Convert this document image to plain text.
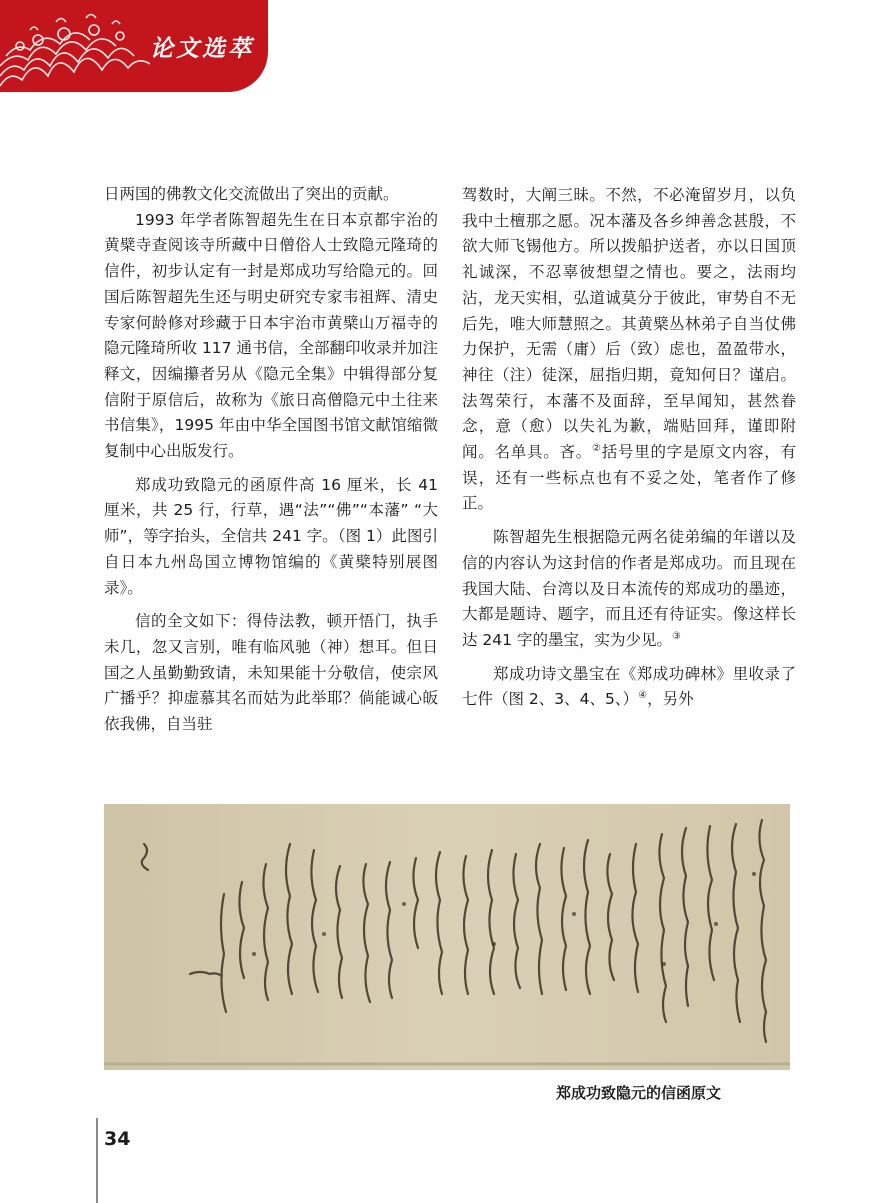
论文选萃

日两国的佛教文化交流做出了突出的贡献。

1993 年学者陈智超先生在日本京都宇治的黄檗寺查阅该寺所藏中日僧俗人士致隐元隆琦的信件，初步认定有一封是郑成功写给隐元的。回国后陈智超先生还与明史研究专家韦祖辉、清史 专家何龄修对珍藏于日本宇治市黄檗山万福寺的隐元隆琦所收 117 通书信，全部翻印收录并加注释文，因编攥者另从《隐元全集》中辑得部分复信附于原信后，故称为《旅日高僧隐元中土往来书信集》，1995 年由中华全国图书馆文献馆缩微复制中心出版发行。

郑成功致隐元的函原件高 16 厘米，长 41 厘米，共 25 行，行草，遇“法”“佛”“本藩” “大师”，等字抬头，全信共 241 字。（图 1）此图引自日本九州岛国立博物馆编的《黄檗特别展图录》。

信的全文如下：得侍法教，顿开悟门，执手未几，忽又言别，唯有临风驰（神）想耳。但日国之人虽勤勤致请，未知果能十分敬信，使宗风广播乎？抑虚慕其名而姑为此举耶？倘能诚心皈依我佛，自当驻

驾数时，大阐三昧。不然，不必淹留岁月，以负我中土檀那之愿。况本藩及各乡绅善念甚殷，不欲大师飞锡他方。所以拨船护送者，亦以日国顶礼诚深，不忍辜彼想望之情也。要之，法雨均沾，龙天实相，弘道诚莫分于彼此，审势自不无后先，唯大师慧照之。其黄檗丛林弟子自当仗佛力保护，无需（庸）后（致）虑也，盈盈带水，神往（注）徒深，屈指归期，竟知何日？谨启。法驾荣行，本藩不及面辞，至早闻知，甚然眷念，意（愈）以失礼为歉，端贴回拜，谨即附闻。名单具。吝。②括号里的字是原文内容，有误，还有一些标点也有不妥之处，笔者作了修正。

陈智超先生根据隐元两名徒弟编的年谱以及信的内容认为这封信的作者是郑成功。而且现在我国大陆、台湾以及日本流传的郑成功的墨迹，大都是题诗、题字，而且还有待证实。像这样长达 241 字的墨宝，实为少见。③

郑成功诗文墨宝在《郑成功碑林》里收录了七件（图 2、3、4、5、）④，另外

郑成功致隐元的信函原文
34
